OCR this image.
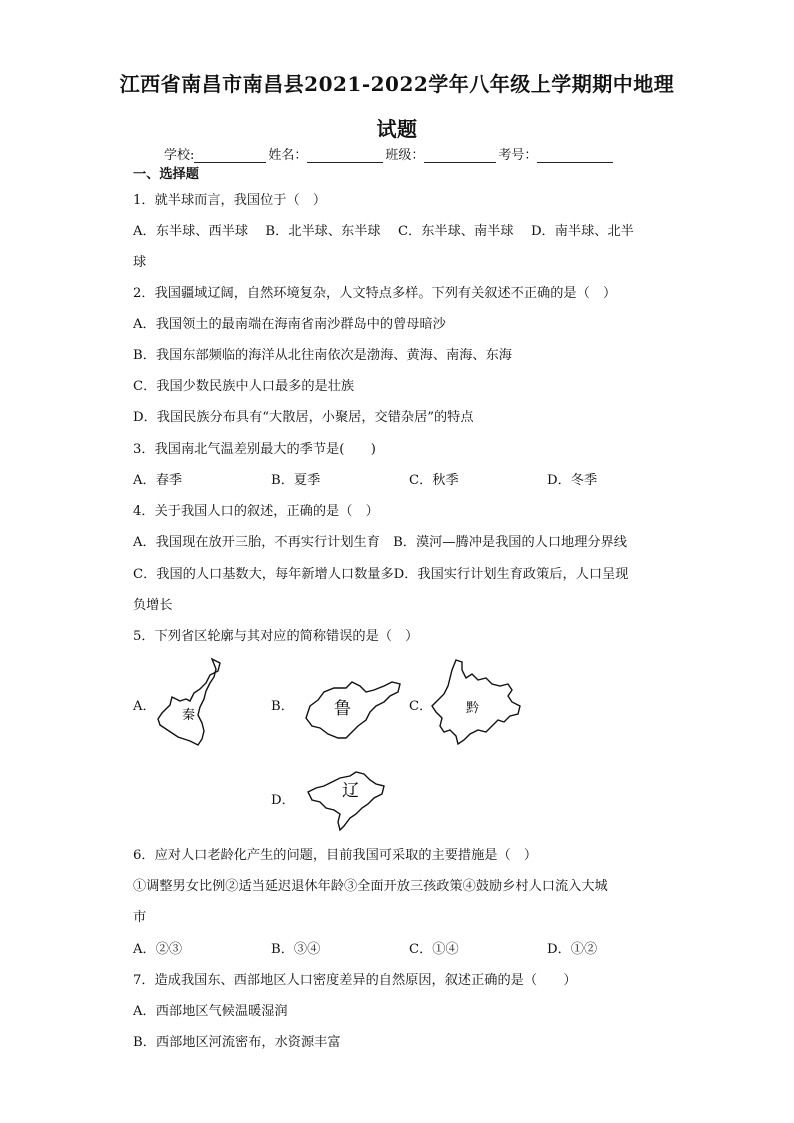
江西省南昌市南昌县2021-2022学年八年级上学期期中地理
试题
学校:	姓名：	班级：	考号：
一、选择题
1．就半球而言，我国位于（　）
A．东半球、西半球　 B．北半球、东半球　 C．东半球、南半球　 D．南半球、北半
球
2．我国疆域辽阔，自然环境复杂，人文特点多样。下列有关叙述不正确的是（　）
A．我国领土的最南端在海南省南沙群岛中的曾母暗沙
B．我国东部频临的海洋从北往南依次是渤海、黄海、南海、东海
C．我国少数民族中人口最多的是壮族
D．我国民族分布具有“大散居，小聚居，交错杂居”的特点
3．我国南北气温差别最大的季节是(　　)
A．春季	B．夏季	C．秋季	D．冬季
4．关于我国人口的叙述，正确的是（　）
A．我国现在放开三胎，不再实行计划生育　B．漠河—腾冲是我国的人口地理分界线
C．我国的人口基数大，每年新增人口数量多D．我国实行计划生育政策后，人口呈现
负增长
5．下列省区轮廓与其对应的简称错误的是（　）
A．
秦
B． 鲁	C．	黔
D．	辽
6．应对人口老龄化产生的问题，目前我国可采取的主要措施是（　）
①调整男女比例②适当延迟退休年龄③全面开放三孩政策④鼓励乡村人口流入大城
市
A．②③	B．③④	C．①④	D．①②
7．造成我国东、西部地区人口密度差异的自然原因，叙述正确的是（　　）
A．西部地区气候温暖湿润
B．西部地区河流密布，水资源丰富
